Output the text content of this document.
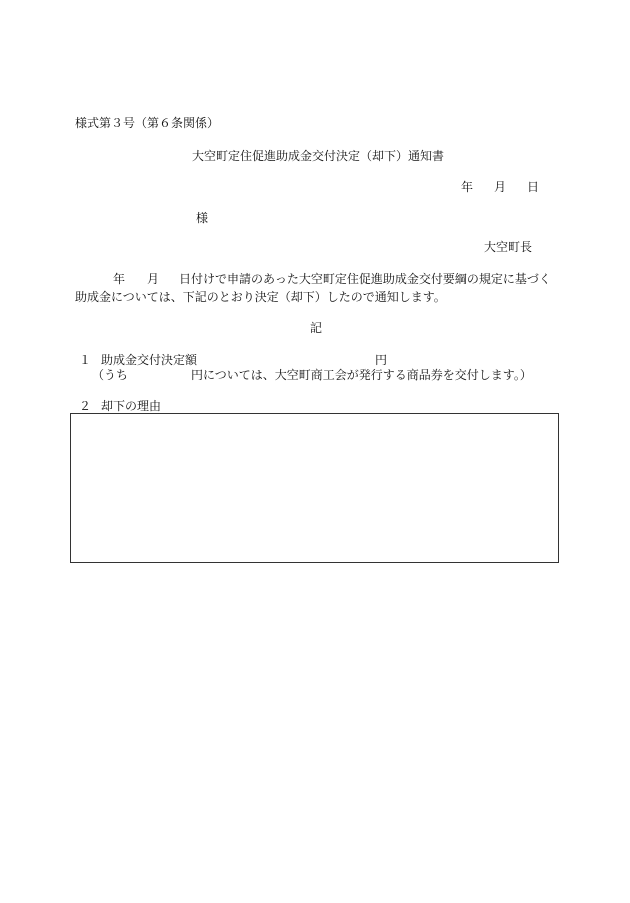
様式第３号（第６条関係）
大空町定住促進助成金交付決定（却下）通知書
年 月 日
様
大空町長
年 月 日付けで申請のあった大空町定住促進助成金交付要綱の規定に基づく
助成金については、下記のとおり決定（却下）したので通知します。
記
１ 助成金交付決定額	円
（うち	円については、大空町商工会が発行する商品券を交付します。）
２ 却下の理由
